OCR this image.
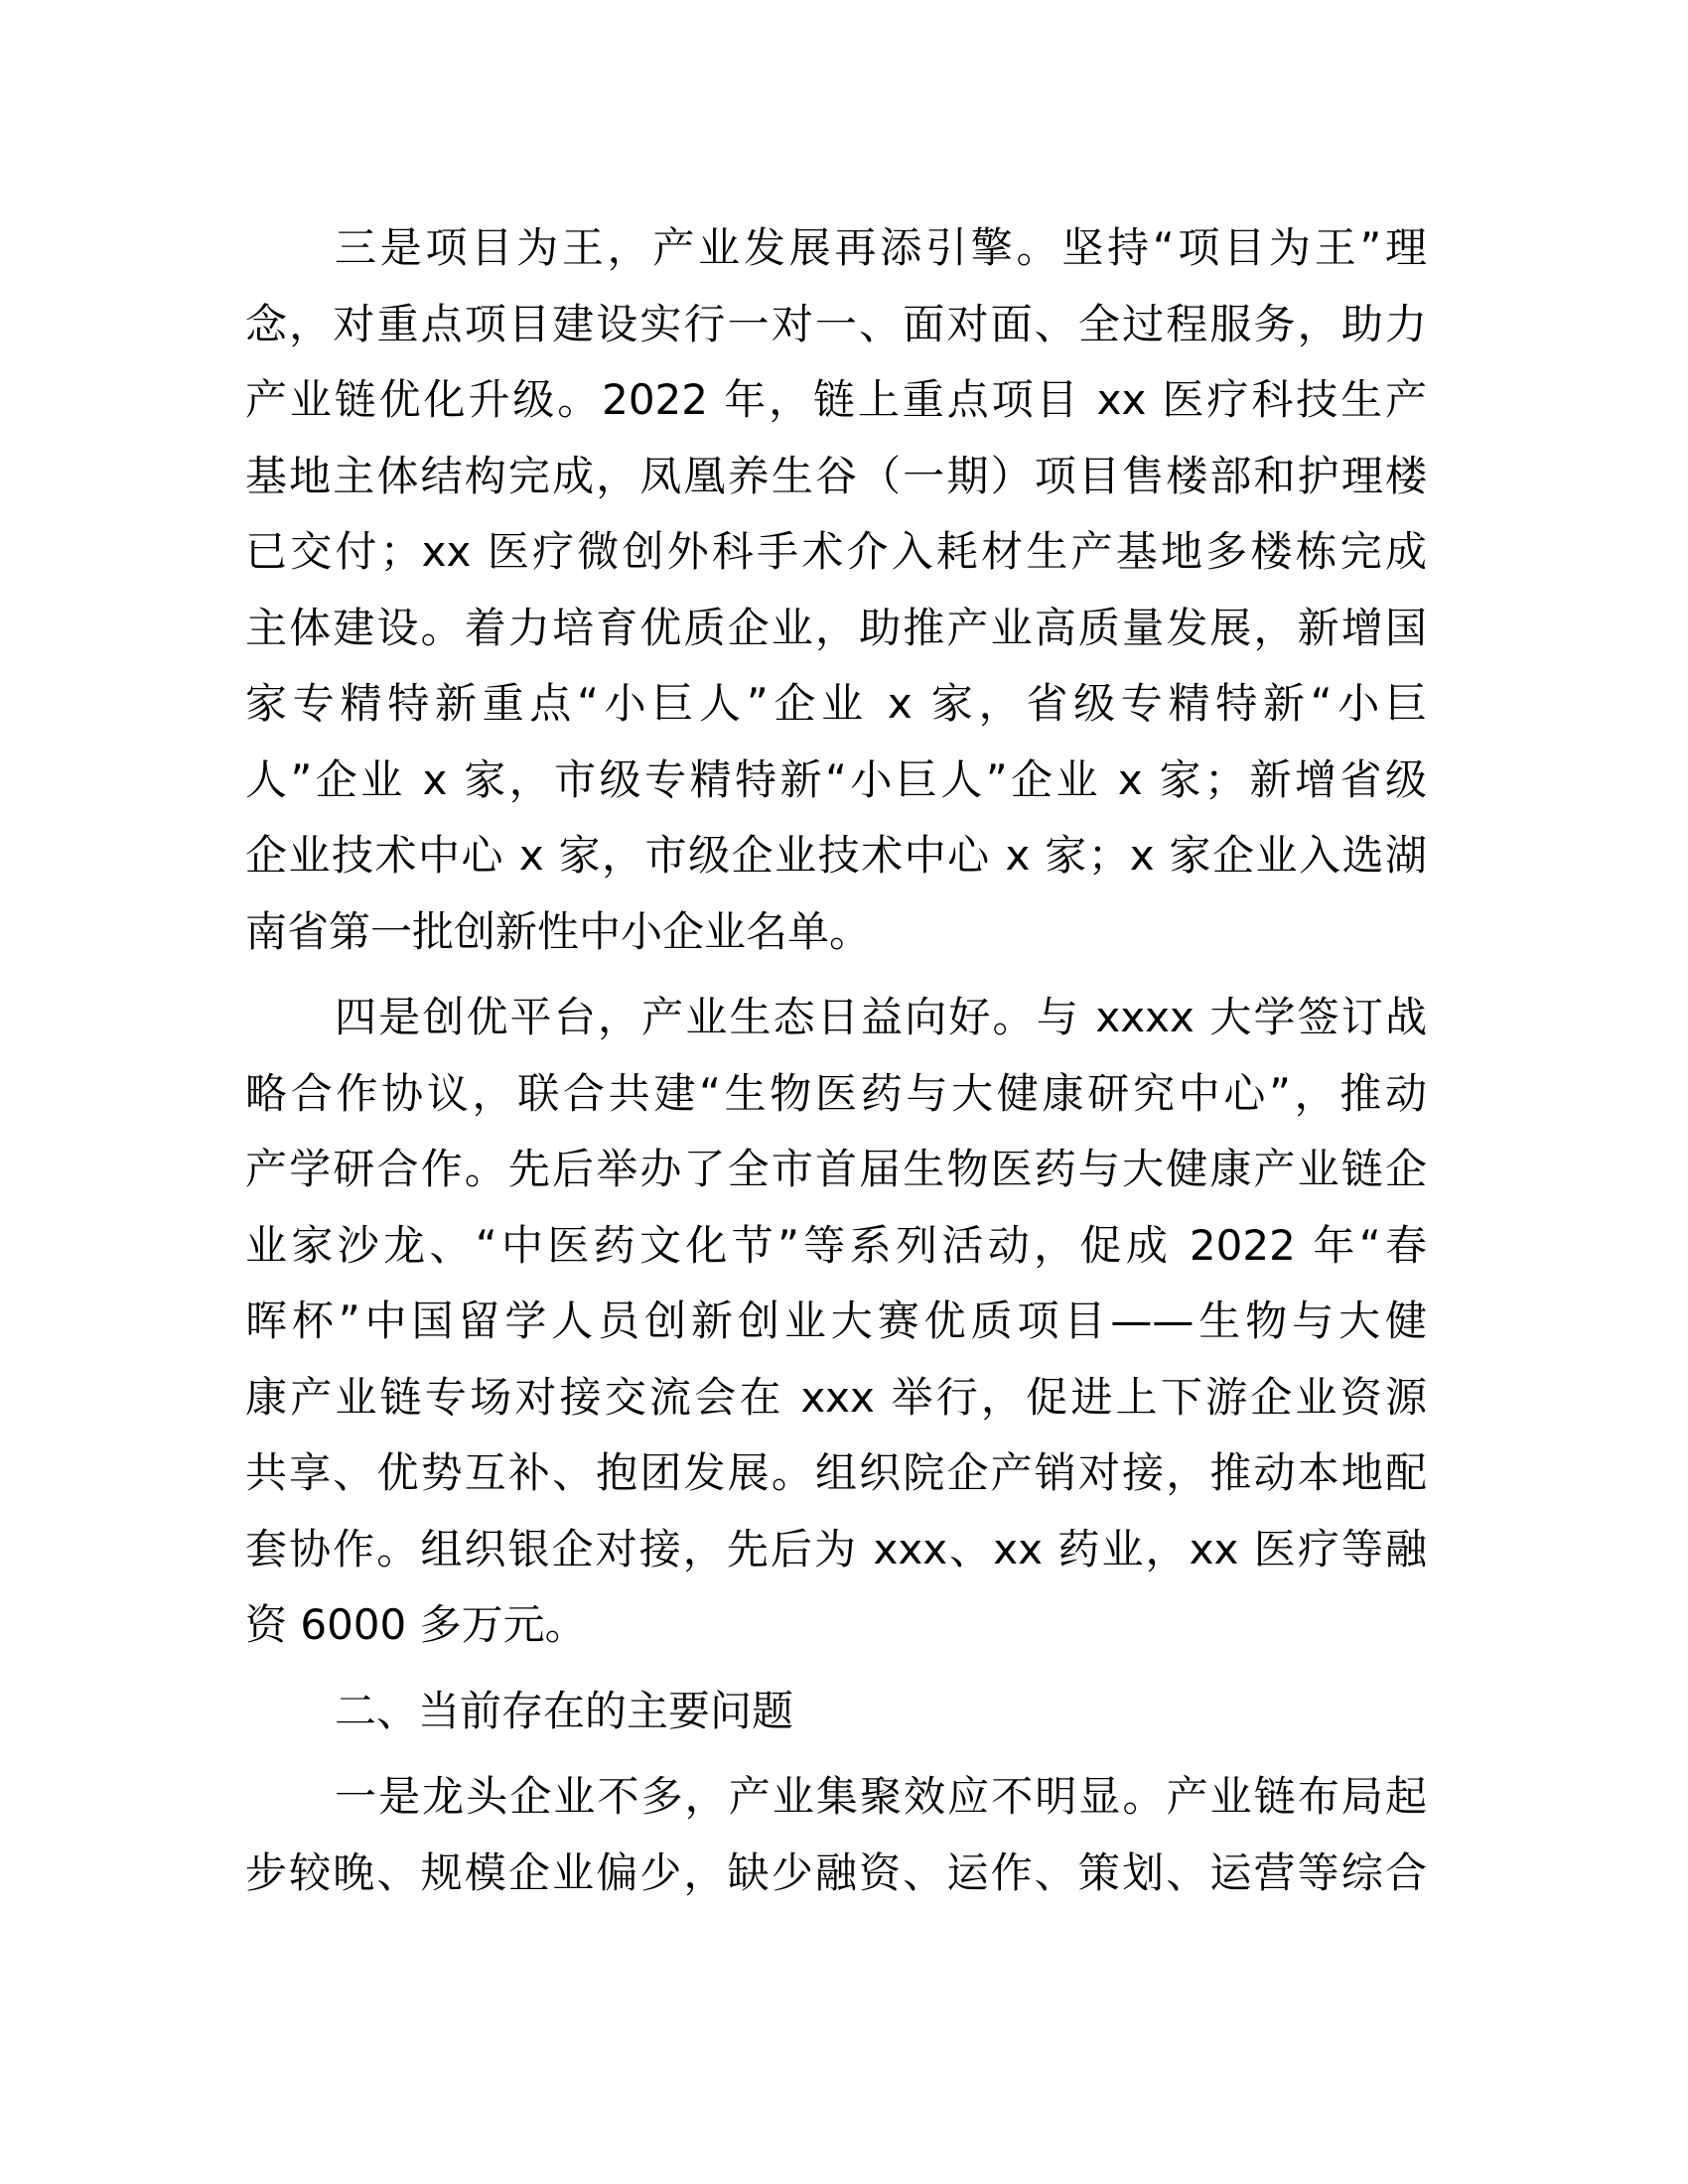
三是项目为王，产业发展再添引擎。坚持“项目为王”理
念，对重点项目建设实行一对一、面对面、全过程服务，助力
产业链优化升级。2022 年，链上重点项目 xx 医疗科技生产
基地主体结构完成，凤凰养生谷（一期）项目售楼部和护理楼
已交付；xx 医疗微创外科手术介入耗材生产基地多楼栋完成
主体建设。着力培育优质企业，助推产业高质量发展，新增国
家专精特新重点“小巨人”企业 x 家，省级专精特新“小巨
人”企业 x 家，市级专精特新“小巨人”企业 x 家；新增省级
企业技术中心 x 家，市级企业技术中心 x 家；x 家企业入选湖
南省第一批创新性中小企业名单。
四是创优平台，产业生态日益向好。与 xxxx 大学签订战
略合作协议，联合共建“生物医药与大健康研究中心”，推动
产学研合作。先后举办了全市首届生物医药与大健康产业链企
业家沙龙、“中医药文化节”等系列活动，促成 2022 年“春
晖杯”中国留学人员创新创业大赛优质项目——生物与大健
康产业链专场对接交流会在 xxx 举行，促进上下游企业资源
共享、优势互补、抱团发展。组织院企产销对接，推动本地配
套协作。组织银企对接，先后为 xxx、xx 药业，xx 医疗等融
资 6000 多万元。
二、当前存在的主要问题
一是龙头企业不多，产业集聚效应不明显。产业链布局起
步较晚、规模企业偏少，缺少融资、运作、策划、运营等综合
